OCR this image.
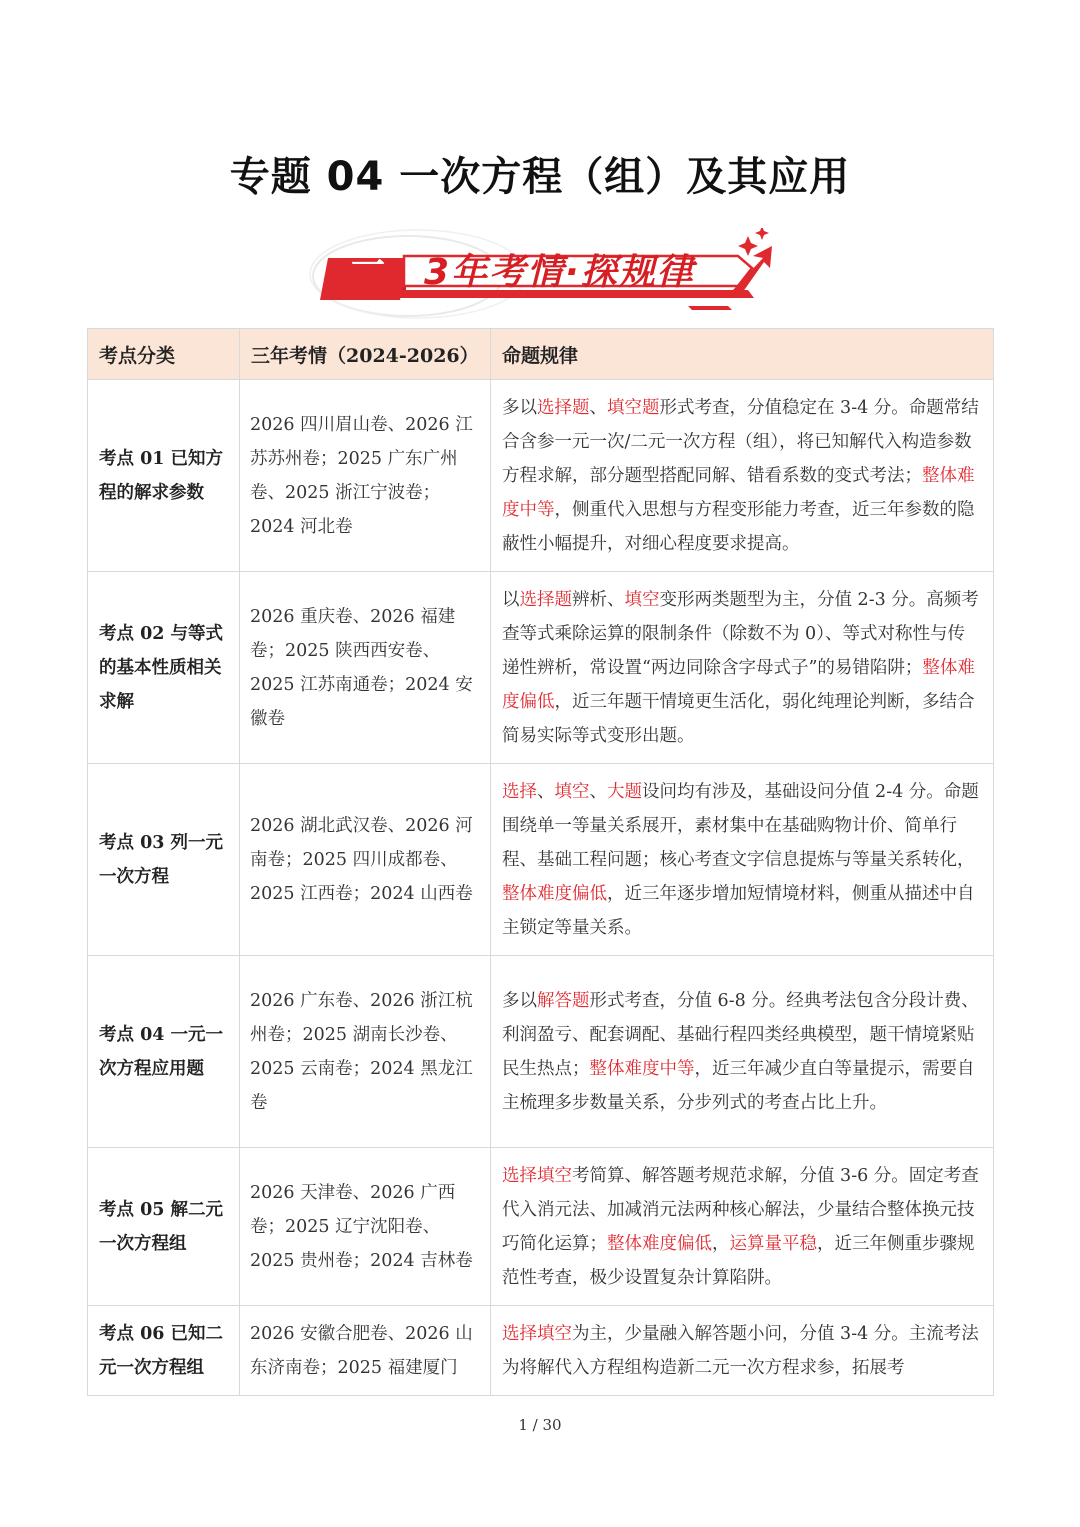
专题 04 一次方程（组）及其应用
一 3年考情·探规律
考点分类	三年考情（2024-2026）	命题规律
考点 01 已知方程的解求参数	2026 四川眉山卷、2026 江苏苏州卷；2025 广东广州卷、2025 浙江宁波卷；2024 河北卷	多以选择题、填空题形式考查，分值稳定在 3-4 分。命题常结合含参一元一次/二元一次方程（组），将已知解代入构造参数方程求解，部分题型搭配同解、错看系数的变式考法；整体难度中等，侧重代入思想与方程变形能力考查，近三年参数的隐蔽性小幅提升，对细心程度要求提高。
考点 02 与等式的基本性质相关求解	2026 重庆卷、2026 福建卷；2025 陕西西安卷、2025 江苏南通卷；2024 安徽卷	以选择题辨析、填空变形两类题型为主，分值 2-3 分。高频考查等式乘除运算的限制条件（除数不为 0）、等式对称性与传递性辨析，常设置“两边同除含字母式子”的易错陷阱；整体难度偏低，近三年题干情境更生活化，弱化纯理论判断，多结合简易实际等式变形出题。
考点 03 列一元一次方程	2026 湖北武汉卷、2026 河南卷；2025 四川成都卷、2025 江西卷；2024 山西卷	选择、填空、大题设问均有涉及，基础设问分值 2-4 分。命题围绕单一等量关系展开，素材集中在基础购物计价、简单行程、基础工程问题；核心考查文字信息提炼与等量关系转化，整体难度偏低，近三年逐步增加短情境材料，侧重从描述中自主锁定等量关系。
考点 04 一元一次方程应用题	2026 广东卷、2026 浙江杭州卷；2025 湖南长沙卷、2025 云南卷；2024 黑龙江卷	多以解答题形式考查，分值 6-8 分。经典考法包含分段计费、利润盈亏、配套调配、基础行程四类经典模型，题干情境紧贴民生热点；整体难度中等，近三年减少直白等量提示，需要自主梳理多步数量关系，分步列式的考查占比上升。
考点 05 解二元一次方程组	2026 天津卷、2026 广西卷；2025 辽宁沈阳卷、2025 贵州卷；2024 吉林卷	选择填空考简算、解答题考规范求解，分值 3-6 分。固定考查代入消元法、加减消元法两种核心解法，少量结合整体换元技巧简化运算；整体难度偏低，运算量平稳，近三年侧重步骤规范性考查，极少设置复杂计算陷阱。
考点 06 已知二元一次方程组	2026 安徽合肥卷、2026 山东济南卷；2025 福建厦门	选择填空为主，少量融入解答题小问，分值 3-4 分。主流考法为将解代入方程组构造新二元一次方程求参，拓展考
1 / 30
